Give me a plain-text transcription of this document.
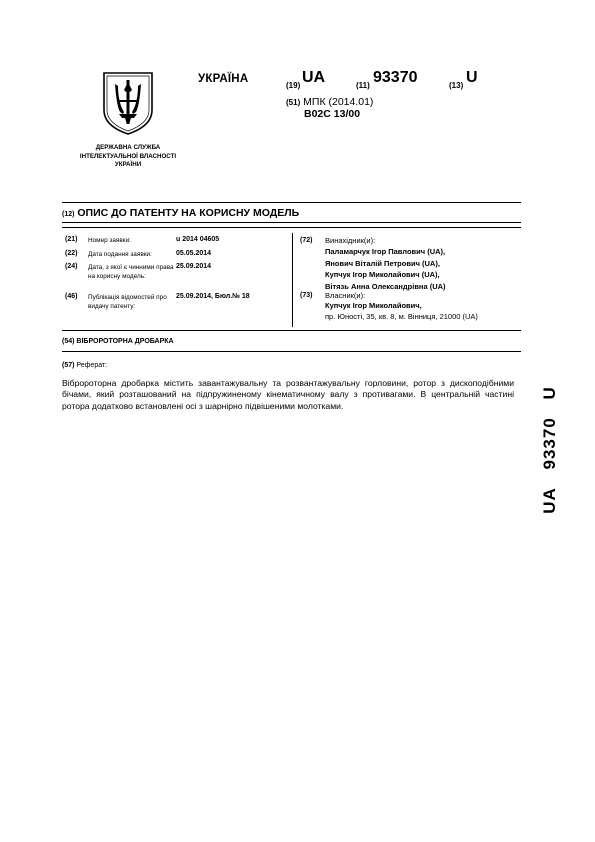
ДЕРЖАВНА СЛУЖБА ІНТЕЛЕКТУАЛЬНОЇ ВЛАСНОСТІ УКРАЇНИ
УКРАЇНА
(19) UA	(11) 93370	(13) U
(51) МПК (2014.01)
B02C 13/00
(12) ОПИС ДО ПАТЕНТУ НА КОРИСНУ МОДЕЛЬ
(21) Номер заявки:	u 2014 04605
(22) Дата подання заявки:	05.05.2014
(24) Дата, з якої є чинними права на корисну модель:
25.09.2014
(46) Публікація відомостей про видачу патенту:
25.09.2014, Бюл.№ 18
(72) Винахідник(и):
Паламарчук Ігор Павлович (UA),
Янович Віталій Петрович (UA),
Купчук Ігор Миколайович (UA),
Вітязь Анна Олександрівна (UA)
(73) Власник(и):
Купчук Ігор Миколайович,
пр. Юності, 35, кв. 8, м. Вінниця, 21000 (UA)
(54) ВІБРОРОТОРНА ДРОБАРКА
(57) Реферат:
Вібророторна дробарка містить завантажувальну та розвантажувальну горловини, ротор з дископодібними бічами, який розташований на підпружиненому кінематичному валу з противагами. В центральній частині ротора додатково встановлені осі з шарнірно підвішеними молотками.
UA 93370 U
